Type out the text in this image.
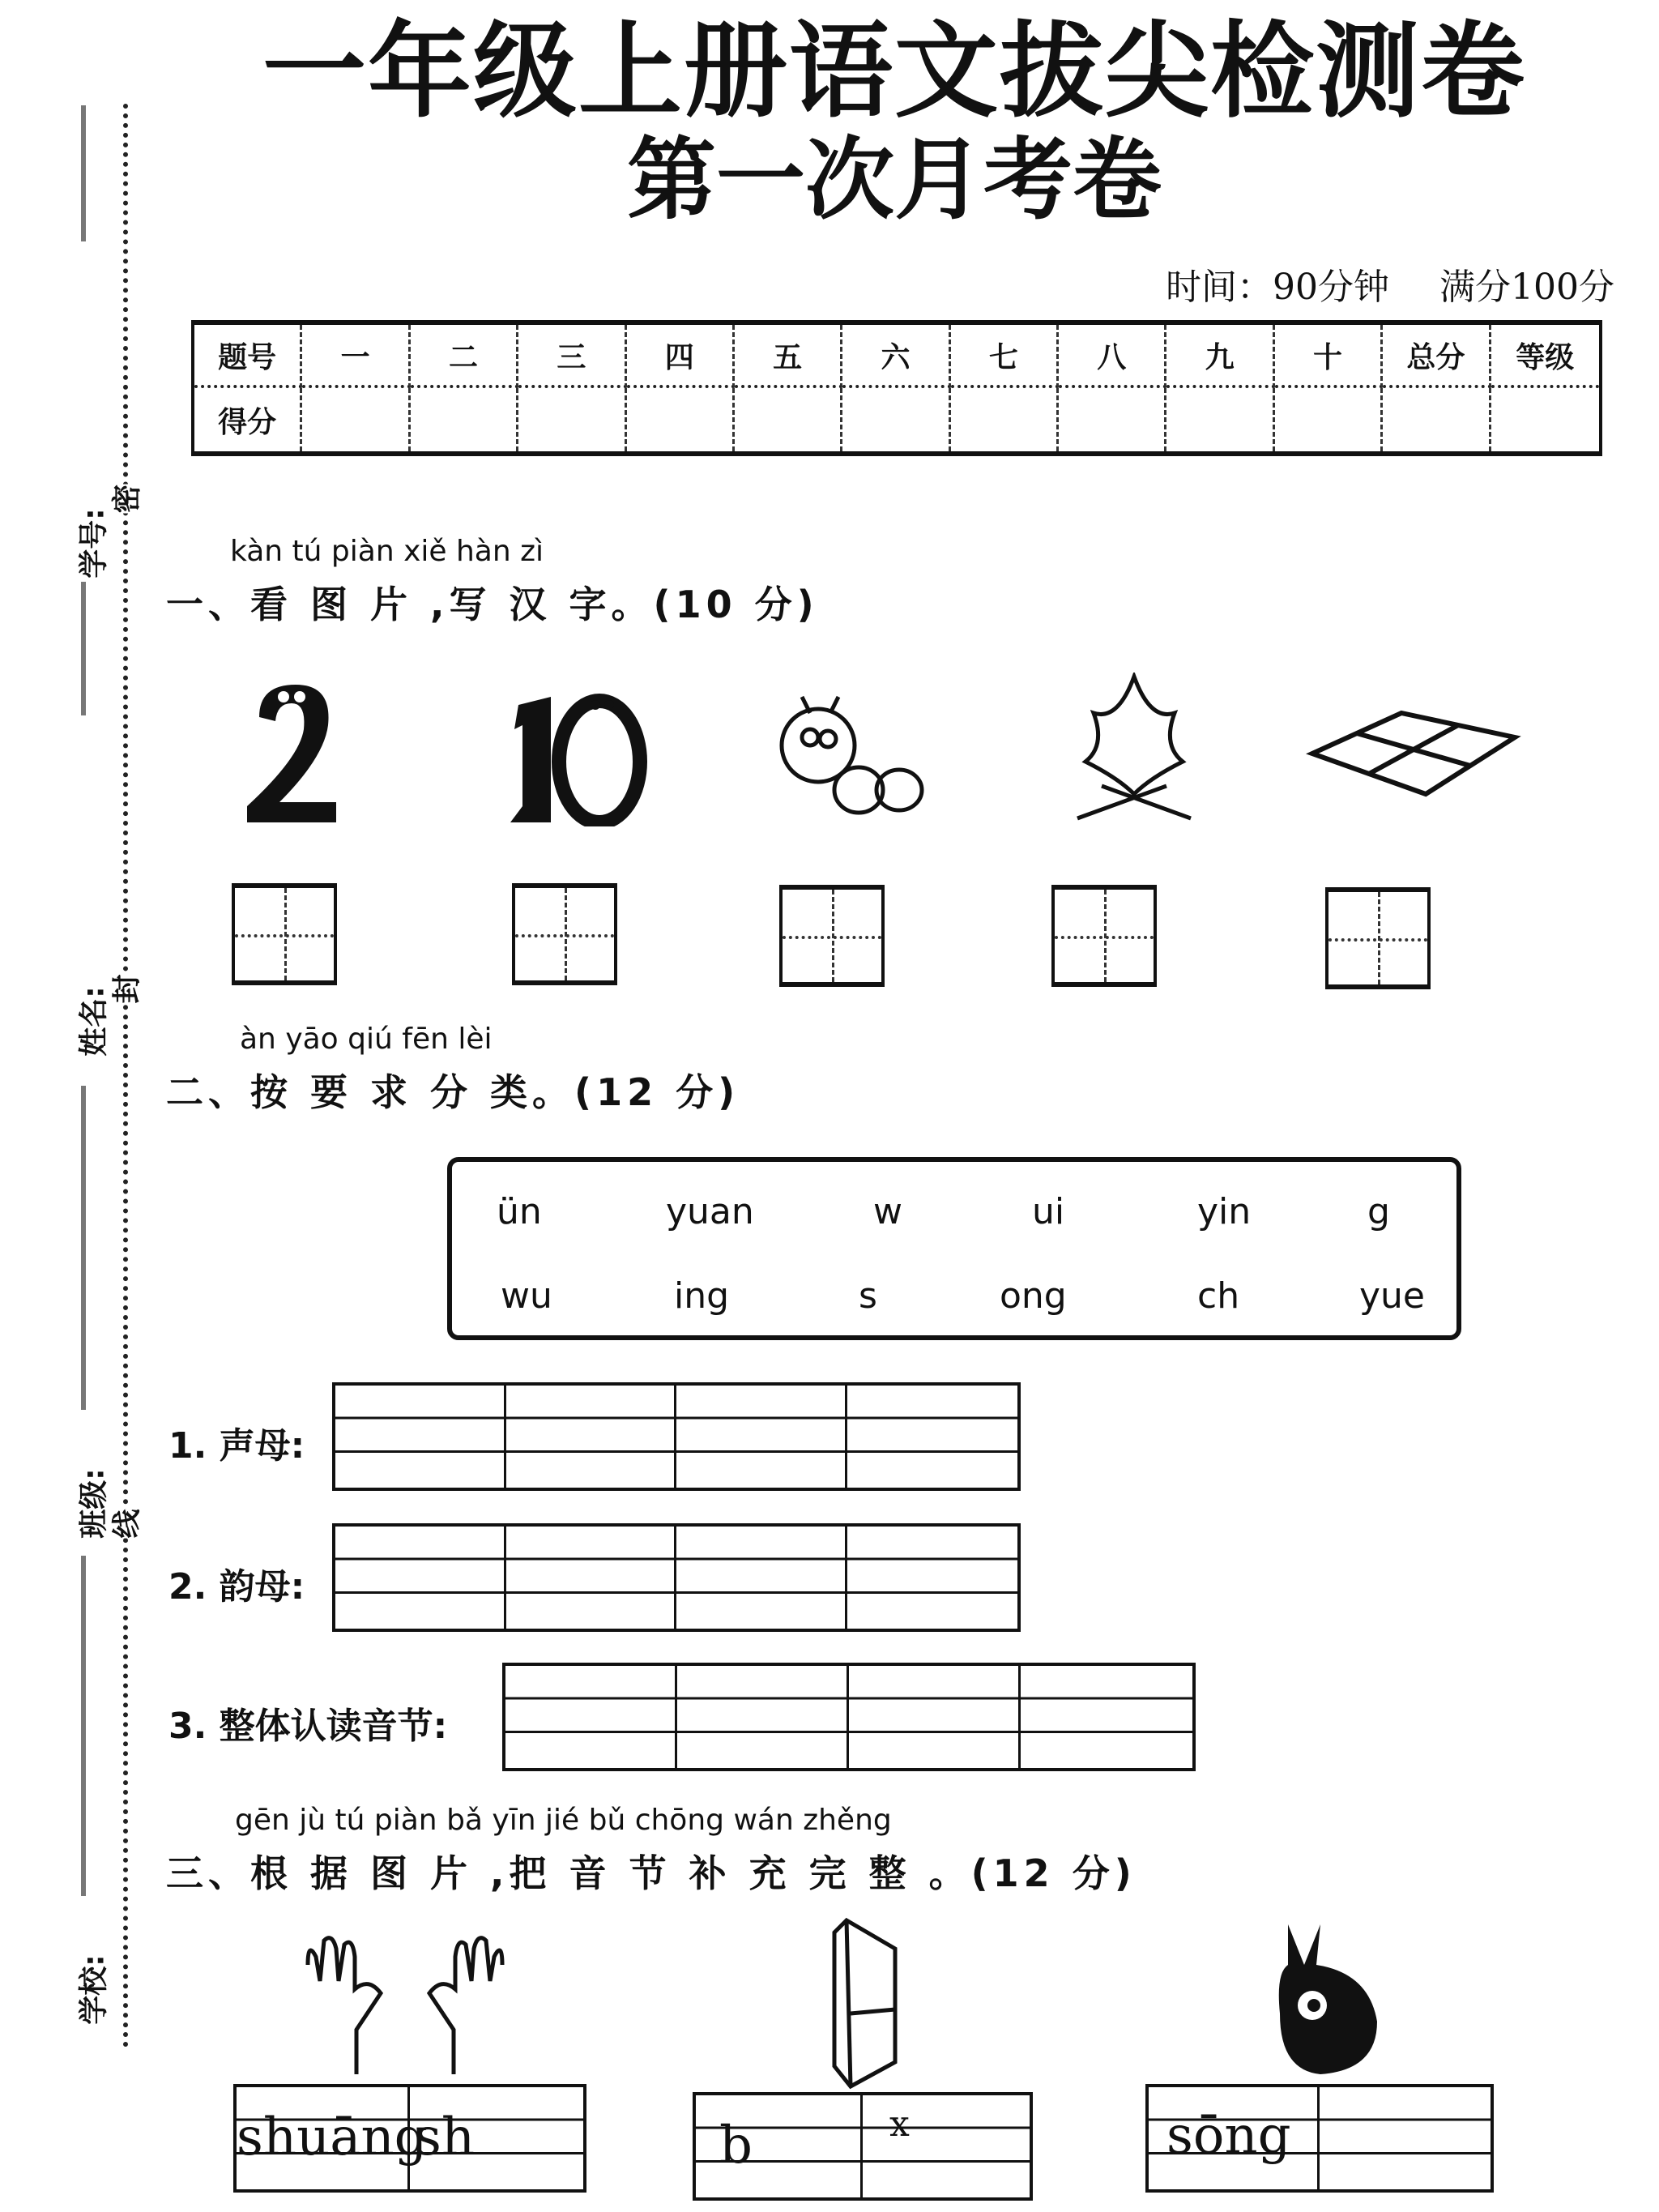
一年级上册语文拔尖检测卷
第一次月考卷
时间：90分钟 满分100分
题号	一	二	三	四	五	六	七	八	九	十	总分	等级
得分
密
封
线
学号:
姓名:
班级:
学校:
kàn tú piàn xiě hàn zì
一、看 图 片 ,写 汉 字。(10 分)
àn yāo qiú fēn lèi
二、按 要 求 分 类。(12 分)
ün	yuan	w	ui	yin	g
wu	ing	s	ong	ch	yue
1. 声母:
2. 韵母:
3. 整体认读音节:
gēn jù tú piàn bǎ yīn jié bǔ chōng wán zhěng
三、根 据 图 片 ,把 音 节 补 充 完 整 。(12 分)
shuāng
sh	b	x	sōng
